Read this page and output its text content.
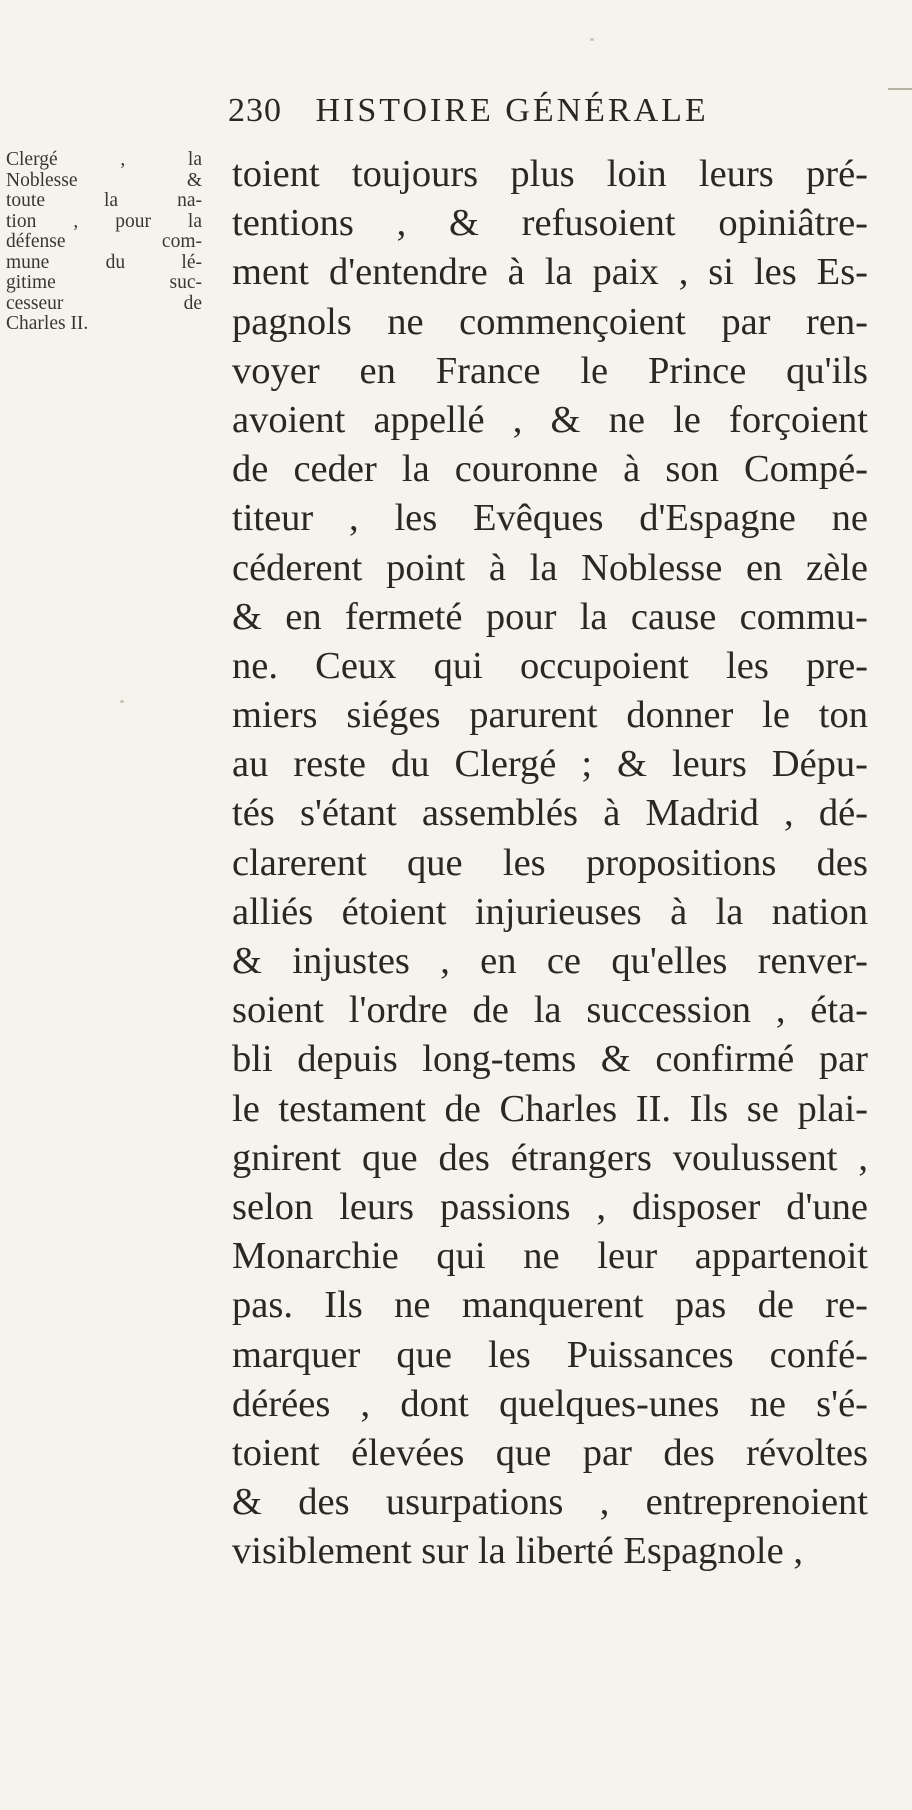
230 HISTOIRE GÉNÉRALE
Clergé , la
Noblesse &
toute la na-
tion , pour la
défense com-
mune du lé-
gitime suc-
cesseur de
Charles II.
toient toujours plus loin leurs pré-
tentions , & refusoient opiniâtre-
ment d'entendre à la paix , si les Es-
pagnols ne commençoient par ren-
voyer en France le Prince qu'ils
avoient appellé , & ne le forçoient
de ceder la couronne à son Compé-
titeur , les Evêques d'Espagne ne
céderent point à la Noblesse en zèle
& en fermeté pour la cause commu-
ne. Ceux qui occupoient les pre-
miers siéges parurent donner le ton
au reste du Clergé ; & leurs Dépu-
tés s'étant assemblés à Madrid , dé-
clarerent que les propositions des
alliés étoient injurieuses à la nation
& injustes , en ce qu'elles renver-
soient l'ordre de la succession , éta-
bli depuis long-tems & confirmé par
le testament de Charles II. Ils se plai-
gnirent que des étrangers voulussent ,
selon leurs passions , disposer d'une
Monarchie qui ne leur appartenoit
pas. Ils ne manquerent pas de re-
marquer que les Puissances confé-
dérées , dont quelques-unes ne s'é-
toient élevées que par des révoltes
& des usurpations , entreprenoient
visiblement sur la liberté Espagnole ,
